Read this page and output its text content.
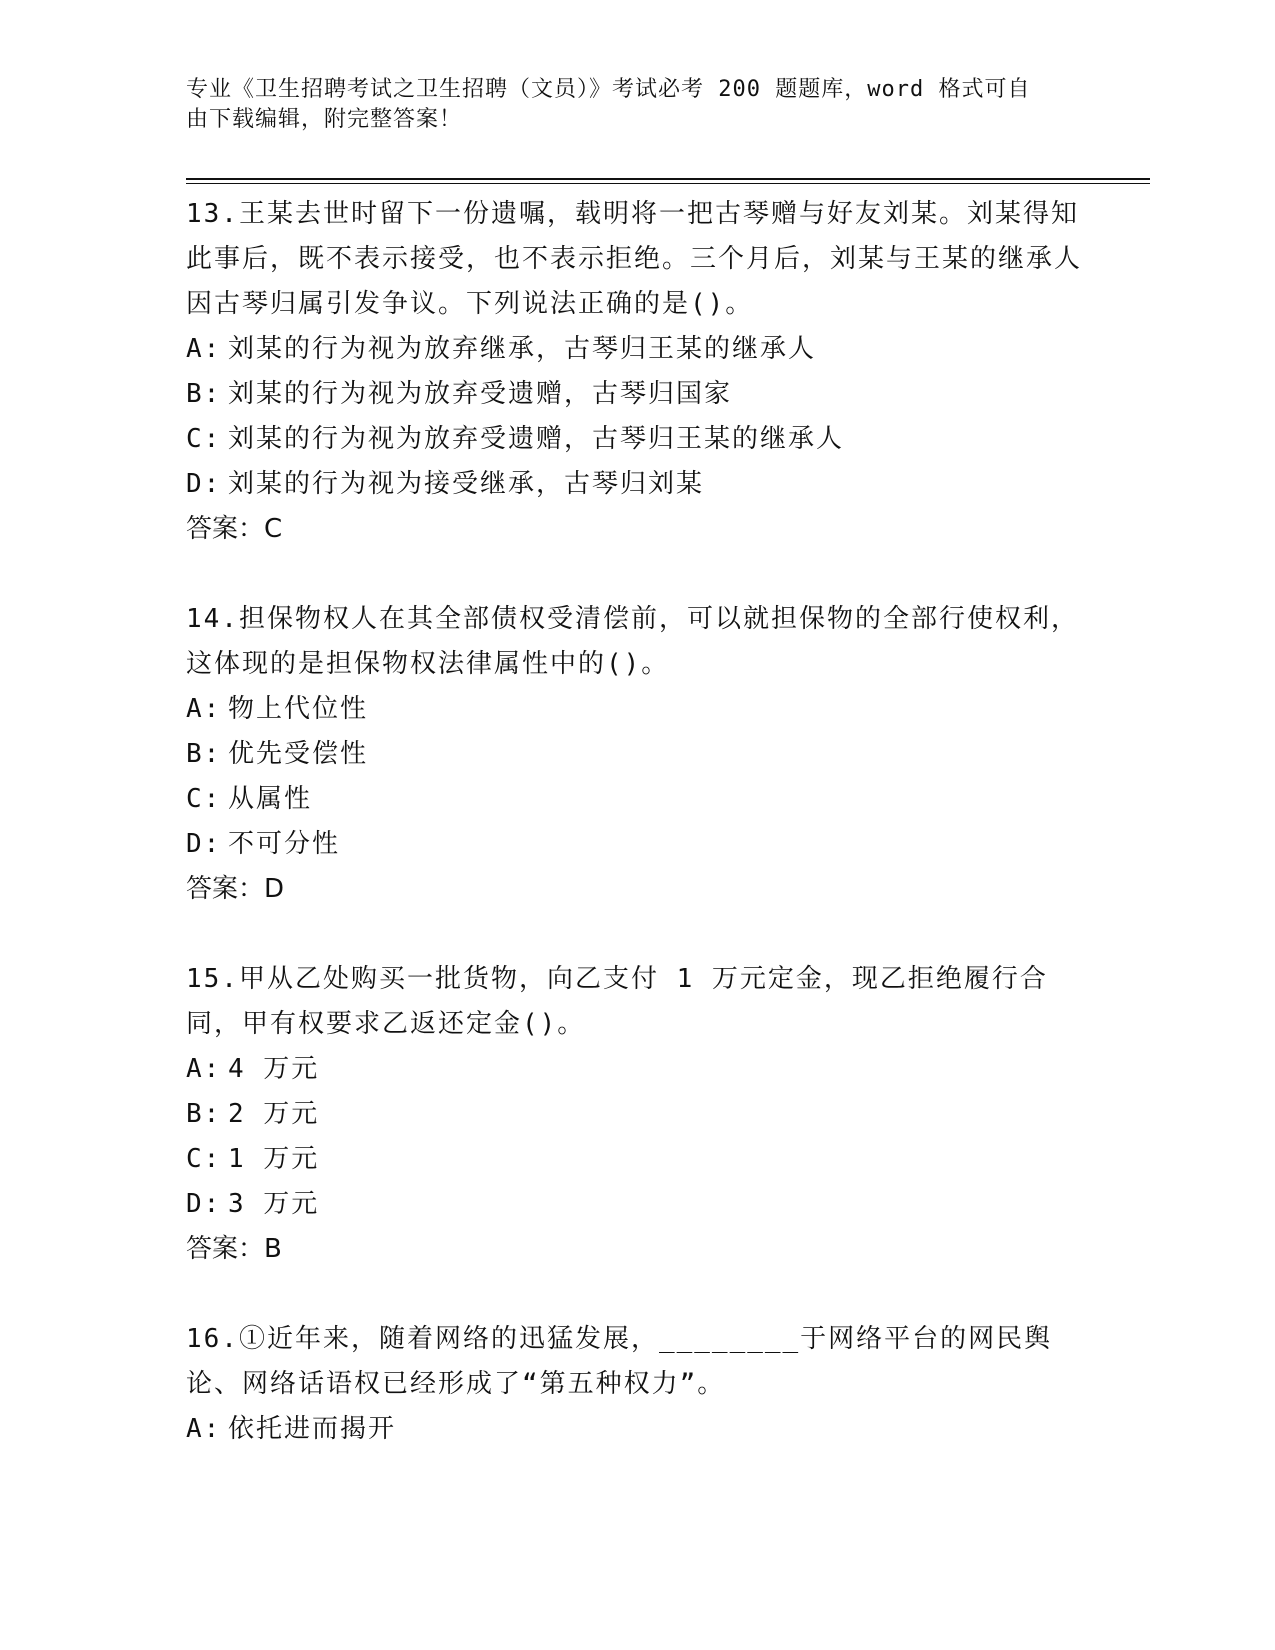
专业《卫生招聘考试之卫生招聘（文员）》考试必考 200 题题库，word 格式可自
由下载编辑，附完整答案！
13.王某去世时留下一份遗嘱，载明将一把古琴赠与好友刘某。刘某得知此事后，既不表示接受，也不表示拒绝。三个月后，刘某与王某的继承人因古琴归属引发争议。下列说法正确的是()。
A: 刘某的行为视为放弃继承，古琴归王某的继承人
B: 刘某的行为视为放弃受遗赠，古琴归国家
C: 刘某的行为视为放弃受遗赠，古琴归王某的继承人
D: 刘某的行为视为接受继承，古琴归刘某
答案：C
14.担保物权人在其全部债权受清偿前，可以就担保物的全部行使权利，这体现的是担保物权法律属性中的()。
A: 物上代位性
B: 优先受偿性
C: 从属性
D: 不可分性
答案：D
15.甲从乙处购买一批货物，向乙支付 1 万元定金，现乙拒绝履行合同，甲有权要求乙返还定金()。
A: 4 万元
B: 2 万元
C: 1 万元
D: 3 万元
答案：B
16.①近年来，随着网络的迅猛发展，________于网络平台的网民舆论、网络话语权已经形成了“第五种权力”。
A: 依托进而揭开
